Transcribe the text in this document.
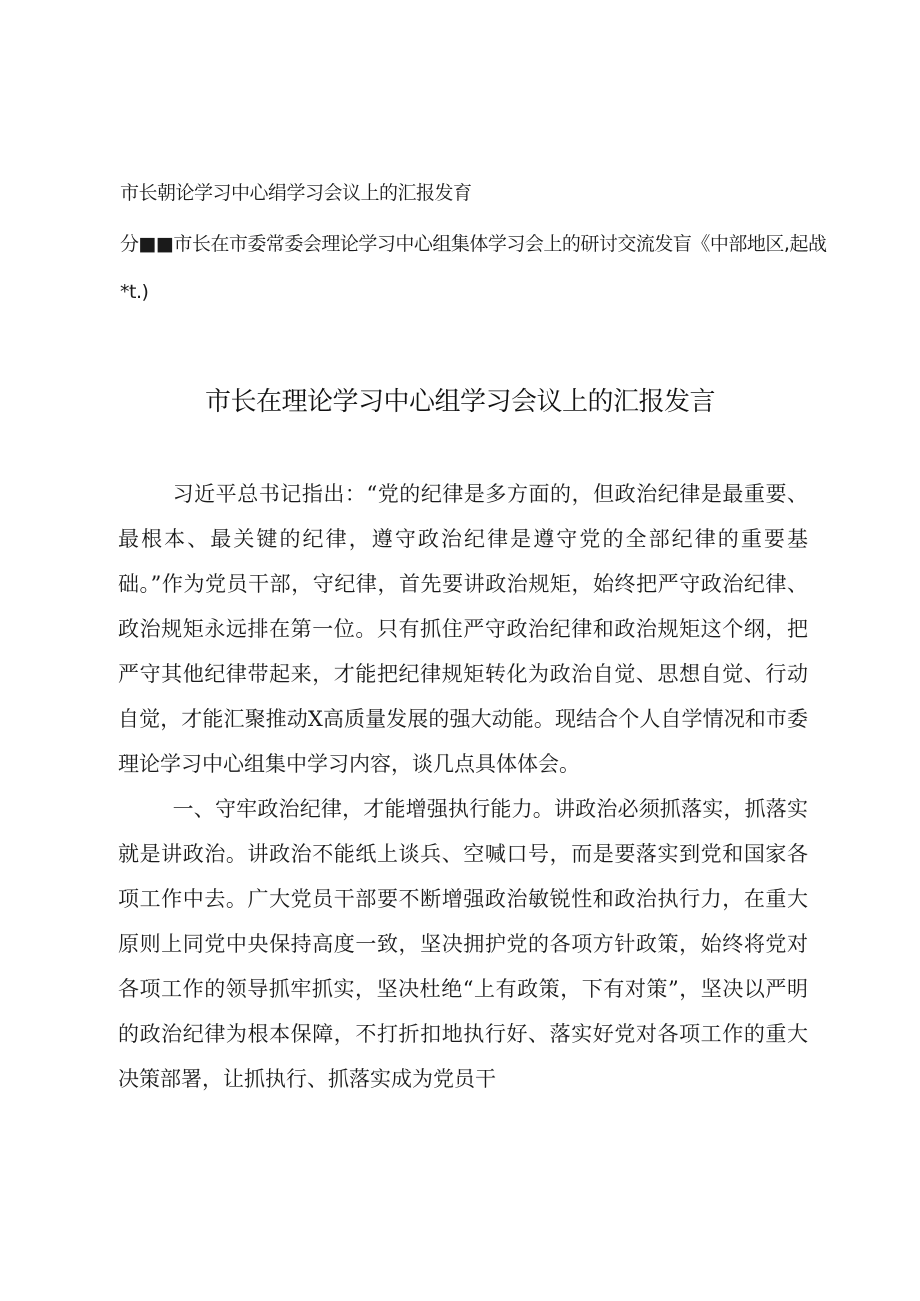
市长朝论学习中心绢学习会议上的汇报发育
分■■市长在市委常委会理论学习中心组集体学习会上的研讨交流发盲《中部地区,起战
*t.)
市长在理论学习中心组学习会议上的汇报发言

习近平总书记指出：“党的纪律是多方面的，但政治纪律是最重要、最根本、最关键的纪律，遵守政治纪律是遵守党的全部纪律的重要基础。”作为党员干部，守纪律，首先要讲政治规矩，始终把严守政治纪律、政治规矩永远排在第一位。只有抓住严守政治纪律和政治规矩这个纲，把严守其他纪律带起来，才能把纪律规矩转化为政治自觉、思想自觉、行动自觉，才能汇聚推动X高质量发展的强大动能。现结合个人自学情况和市委理论学习中心组集中学习内容，谈几点具体体会。

一、守牢政治纪律，才能增强执行能力。讲政治必须抓落实，抓落实就是讲政治。讲政治不能纸上谈兵、空喊口号，而是要落实到党和国家各项工作中去。广大党员干部要不断增强政治敏锐性和政治执行力，在重大原则上同党中央保持高度一致，坚决拥护党的各项方针政策，始终将党对各项工作的领导抓牢抓实，坚决杜绝“上有政策，下有对策”，坚决以严明的政治纪律为根本保障，不打折扣地执行好、落实好党对各项工作的重大决策部署，让抓执行、抓落实成为党员干
